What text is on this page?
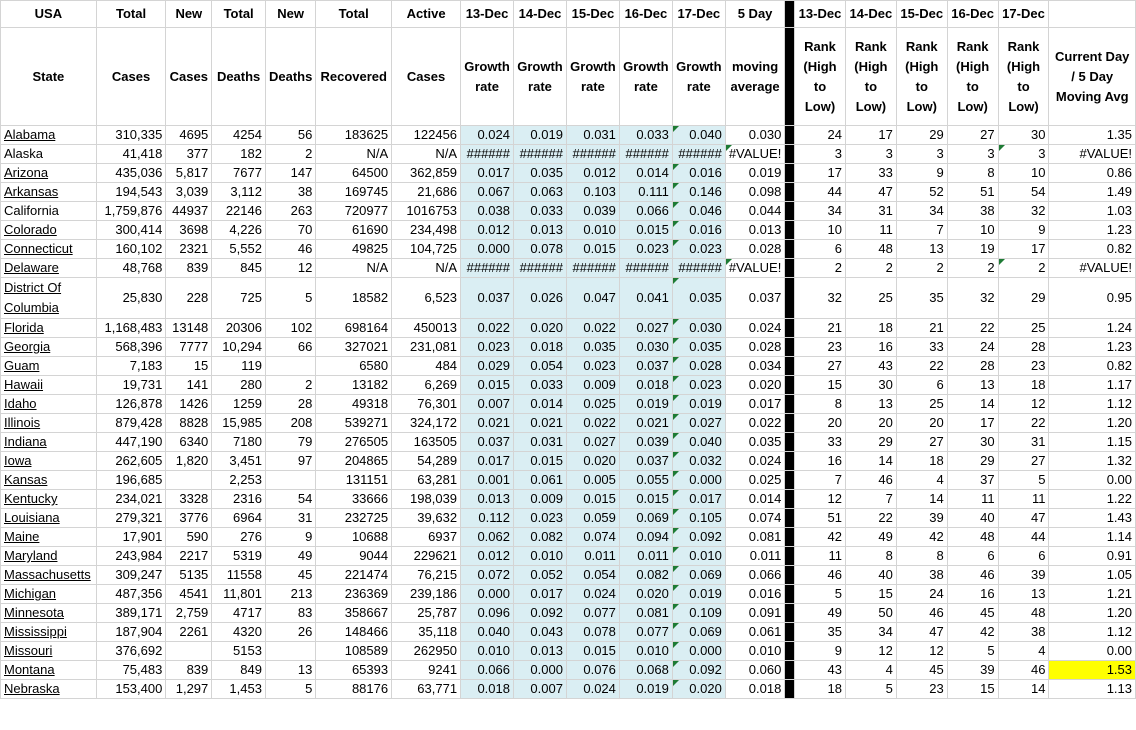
USA	Total	New	Total	New	Total	Active	13-Dec	14-Dec	15-Dec	16-Dec	17-Dec	5 Day		13-Dec	14-Dec	15-Dec	16-Dec	17-Dec	
State	Cases	Cases	Deaths	Deaths	Recovered	Cases	Growth rate	Growth rate	Growth rate	Growth rate	Growth rate	moving average		Rank (High to Low)	Rank (High to Low)	Rank (High to Low)	Rank (High to Low)	Rank (High to Low)	Current Day / 5 Day Moving Avg
Alabama	310,335	4695	4254	56	183625	122456	0.024	0.019	0.031	0.033	0.040	0.030		24	17	29	27	30	1.35
Alaska	41,418	377	182	2	N/A	N/A	######	######	######	######	######	#VALUE!		3	3	3	3	3	#VALUE!
Arizona	435,036	5,817	7677	147	64500	362,859	0.017	0.035	0.012	0.014	0.016	0.019		17	33	9	8	10	0.86
Arkansas	194,543	3,039	3,112	38	169745	21,686	0.067	0.063	0.103	0.111	0.146	0.098		44	47	52	51	54	1.49
California	1,759,876	44937	22146	263	720977	1016753	0.038	0.033	0.039	0.066	0.046	0.044		34	31	34	38	32	1.03
Colorado	300,414	3698	4,226	70	61690	234,498	0.012	0.013	0.010	0.015	0.016	0.013		10	11	7	10	9	1.23
Connecticut	160,102	2321	5,552	46	49825	104,725	0.000	0.078	0.015	0.023	0.023	0.028		6	48	13	19	17	0.82
Delaware	48,768	839	845	12	N/A	N/A	######	######	######	######	######	#VALUE!		2	2	2	2	2	#VALUE!
District Of Columbia	25,830	228	725	5	18582	6,523	0.037	0.026	0.047	0.041	0.035	0.037		32	25	35	32	29	0.95
Florida	1,168,483	13148	20306	102	698164	450013	0.022	0.020	0.022	0.027	0.030	0.024		21	18	21	22	25	1.24
Georgia	568,396	7777	10,294	66	327021	231,081	0.023	0.018	0.035	0.030	0.035	0.028		23	16	33	24	28	1.23
Guam	7,183	15	119		6580	484	0.029	0.054	0.023	0.037	0.028	0.034		27	43	22	28	23	0.82
Hawaii	19,731	141	280	2	13182	6,269	0.015	0.033	0.009	0.018	0.023	0.020		15	30	6	13	18	1.17
Idaho	126,878	1426	1259	28	49318	76,301	0.007	0.014	0.025	0.019	0.019	0.017		8	13	25	14	12	1.12
Illinois	879,428	8828	15,985	208	539271	324,172	0.021	0.021	0.022	0.021	0.027	0.022		20	20	20	17	22	1.20
Indiana	447,190	6340	7180	79	276505	163505	0.037	0.031	0.027	0.039	0.040	0.035		33	29	27	30	31	1.15
Iowa	262,605	1,820	3,451	97	204865	54,289	0.017	0.015	0.020	0.037	0.032	0.024		16	14	18	29	27	1.32
Kansas	196,685		2,253		131151	63,281	0.001	0.061	0.005	0.055	0.000	0.025		7	46	4	37	5	0.00
Kentucky	234,021	3328	2316	54	33666	198,039	0.013	0.009	0.015	0.015	0.017	0.014		12	7	14	11	11	1.22
Louisiana	279,321	3776	6964	31	232725	39,632	0.112	0.023	0.059	0.069	0.105	0.074		51	22	39	40	47	1.43
Maine	17,901	590	276	9	10688	6937	0.062	0.082	0.074	0.094	0.092	0.081		42	49	42	48	44	1.14
Maryland	243,984	2217	5319	49	9044	229621	0.012	0.010	0.011	0.011	0.010	0.011		11	8	8	6	6	0.91
Massachusetts	309,247	5135	11558	45	221474	76,215	0.072	0.052	0.054	0.082	0.069	0.066		46	40	38	46	39	1.05
Michigan	487,356	4541	11,801	213	236369	239,186	0.000	0.017	0.024	0.020	0.019	0.016		5	15	24	16	13	1.21
Minnesota	389,171	2,759	4717	83	358667	25,787	0.096	0.092	0.077	0.081	0.109	0.091		49	50	46	45	48	1.20
Mississippi	187,904	2261	4320	26	148466	35,118	0.040	0.043	0.078	0.077	0.069	0.061		35	34	47	42	38	1.12
Missouri	376,692		5153		108589	262950	0.010	0.013	0.015	0.010	0.000	0.010		9	12	12	5	4	0.00
Montana	75,483	839	849	13	65393	9241	0.066	0.000	0.076	0.068	0.092	0.060		43	4	45	39	46	1.53
Nebraska	153,400	1,297	1,453	5	88176	63,771	0.018	0.007	0.024	0.019	0.020	0.018		18	5	23	15	14	1.13
